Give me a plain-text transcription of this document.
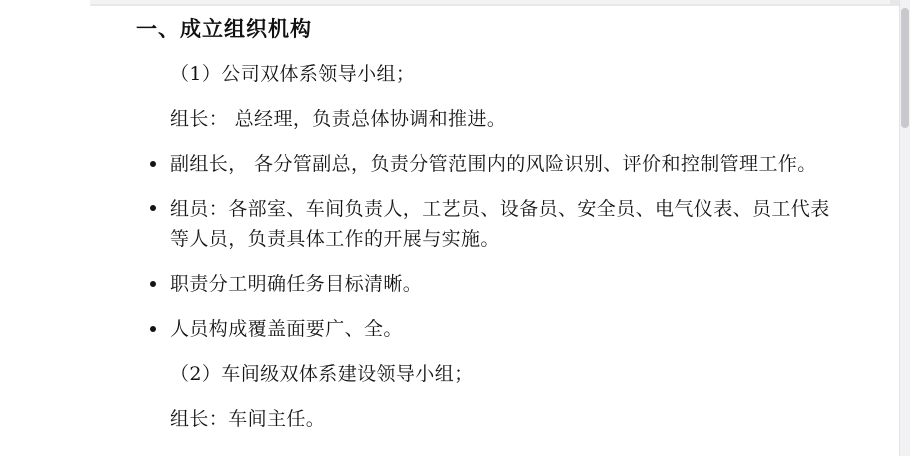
一、成立组织机构

（1）公司双体系领导小组；

组长： 总经理，负责总体协调和推进。

副组长， 各分管副总，负责分管范围内的风险识别、评价和控制管理工作。
组员：各部室、车间负责人，工艺员、设备员、安全员、电气仪表、员工代表等人员，负责具体工作的开展与实施。
职责分工明确任务目标清晰。
人员构成覆盖面要广、全。

（2）车间级双体系建设领导小组；

组长：车间主任。
